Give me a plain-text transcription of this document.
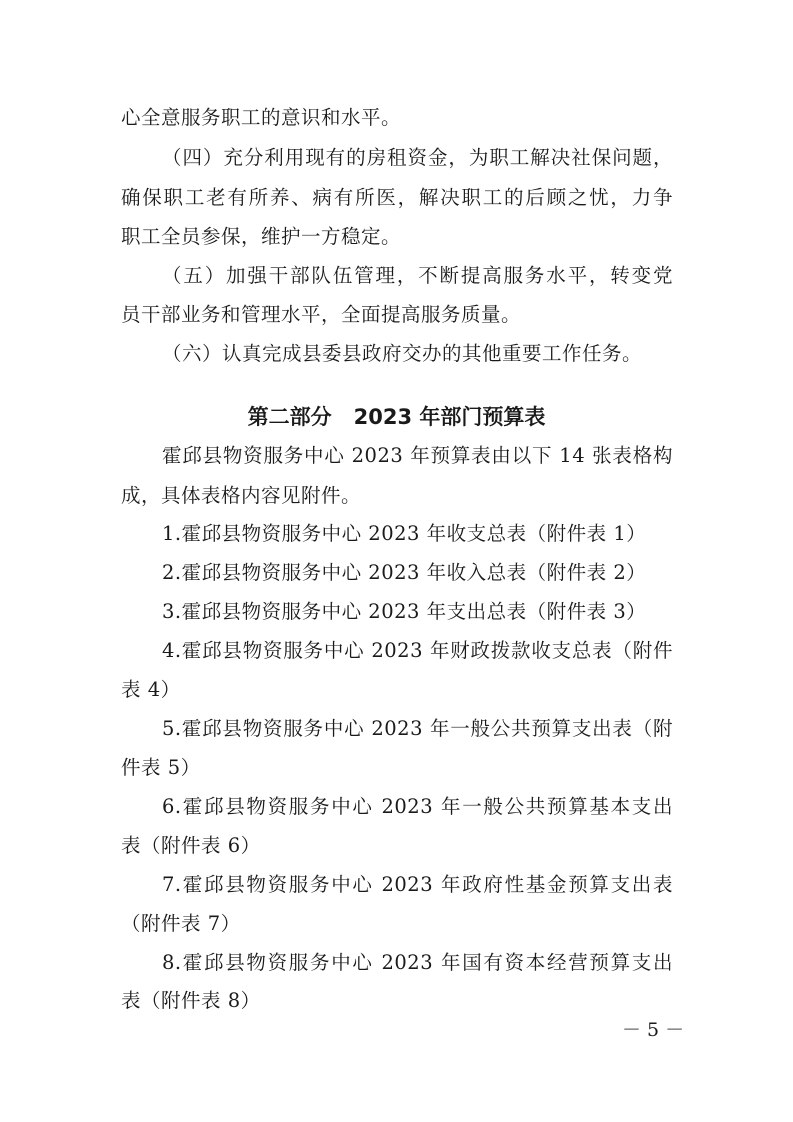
心全意服务职工的意识和水平。
（四）充分利用现有的房租资金，为职工解决社保问题，
确保职工老有所养、病有所医，解决职工的后顾之忧，力争
职工全员参保，维护一方稳定。
（五）加强干部队伍管理，不断提高服务水平，转变党
员干部业务和管理水平，全面提高服务质量。
（六）认真完成县委县政府交办的其他重要工作任务。
第二部分 2023 年部门预算表
霍邱县物资服务中心 2023 年预算表由以下 14 张表格构
成，具体表格内容见附件。
1.霍邱县物资服务中心 2023 年收支总表（附件表 1）
2.霍邱县物资服务中心 2023 年收入总表（附件表 2）
3.霍邱县物资服务中心 2023 年支出总表（附件表 3）
4.霍邱县物资服务中心 2023 年财政拨款收支总表（附件
表 4）
5.霍邱县物资服务中心 2023 年一般公共预算支出表（附
件表 5）
6.霍邱县物资服务中心 2023 年一般公共预算基本支出
表（附件表 6）
7.霍邱县物资服务中心 2023 年政府性基金预算支出表
（附件表 7）
8.霍邱县物资服务中心 2023 年国有资本经营预算支出
表（附件表 8）
－ 5 －
